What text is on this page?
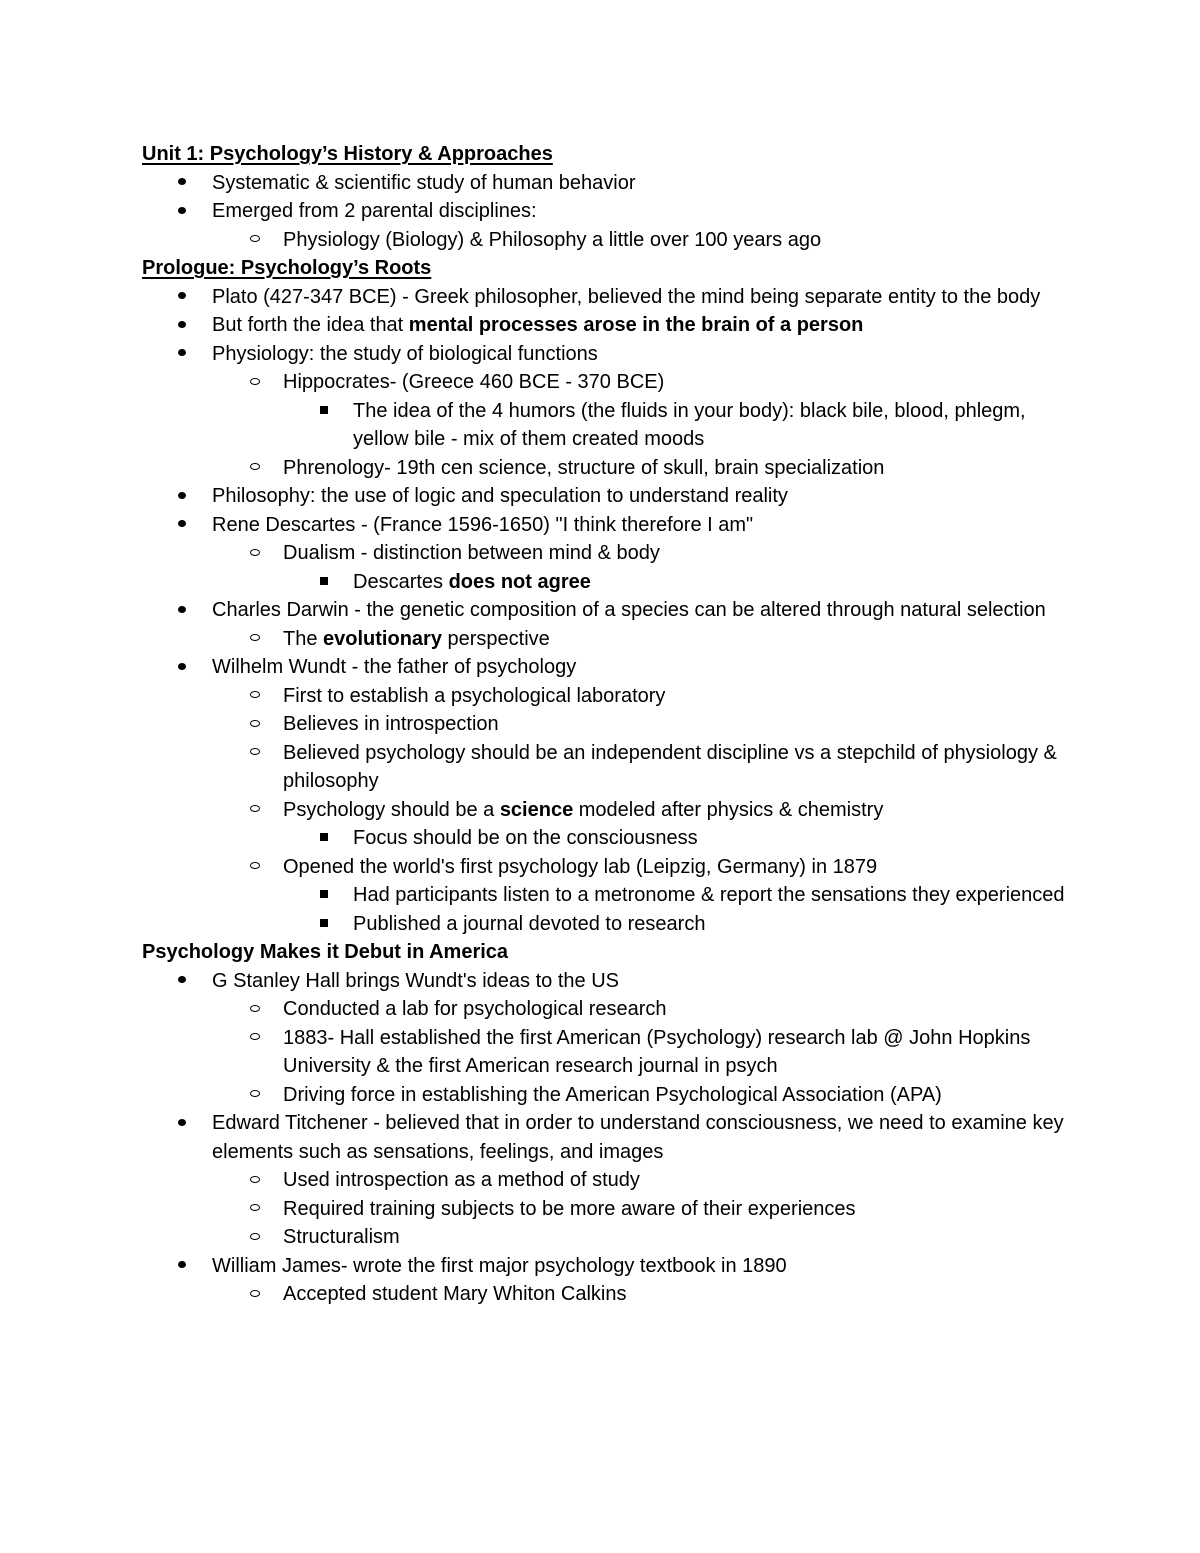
Unit 1: Psychology’s History & Approaches
Systematic & scientific study of human behavior
Emerged from 2 parental disciplines:
Physiology (Biology) & Philosophy a little over 100 years ago
Prologue: Psychology’s Roots
Plato (427-347 BCE) - Greek philosopher, believed the mind being separate entity to the body
But forth the idea that mental processes arose in the brain of a person
Physiology: the study of biological functions
Hippocrates- (Greece 460 BCE - 370 BCE)
The idea of the 4 humors (the fluids in your body): black bile, blood, phlegm, yellow bile - mix of them created moods
Phrenology- 19th cen science, structure of skull, brain specialization
Philosophy: the use of logic and speculation to understand reality
Rene Descartes - (France 1596-1650) "I think therefore I am"
Dualism - distinction between mind & body
Descartes does not agree
Charles Darwin - the genetic composition of a species can be altered through natural selection
The evolutionary perspective
Wilhelm Wundt - the father of psychology
First to establish a psychological laboratory
Believes in introspection
Believed psychology should be an independent discipline vs a stepchild of physiology & philosophy
Psychology should be a science modeled after physics & chemistry
Focus should be on the consciousness
Opened the world's first psychology lab (Leipzig, Germany) in 1879
Had participants listen to a metronome & report the sensations they experienced
Published a journal devoted to research
Psychology Makes it Debut in America
G Stanley Hall brings Wundt's ideas to the US
Conducted a lab for psychological research
1883- Hall established the first American (Psychology) research lab @ John Hopkins University & the first American research journal in psych
Driving force in establishing the American Psychological Association (APA)
Edward Titchener - believed that in order to understand consciousness, we need to examine key elements such as sensations, feelings, and images
Used introspection as a method of study
Required training subjects to be more aware of their experiences
Structuralism
William James- wrote the first major psychology textbook in 1890
Accepted student Mary Whiton Calkins
